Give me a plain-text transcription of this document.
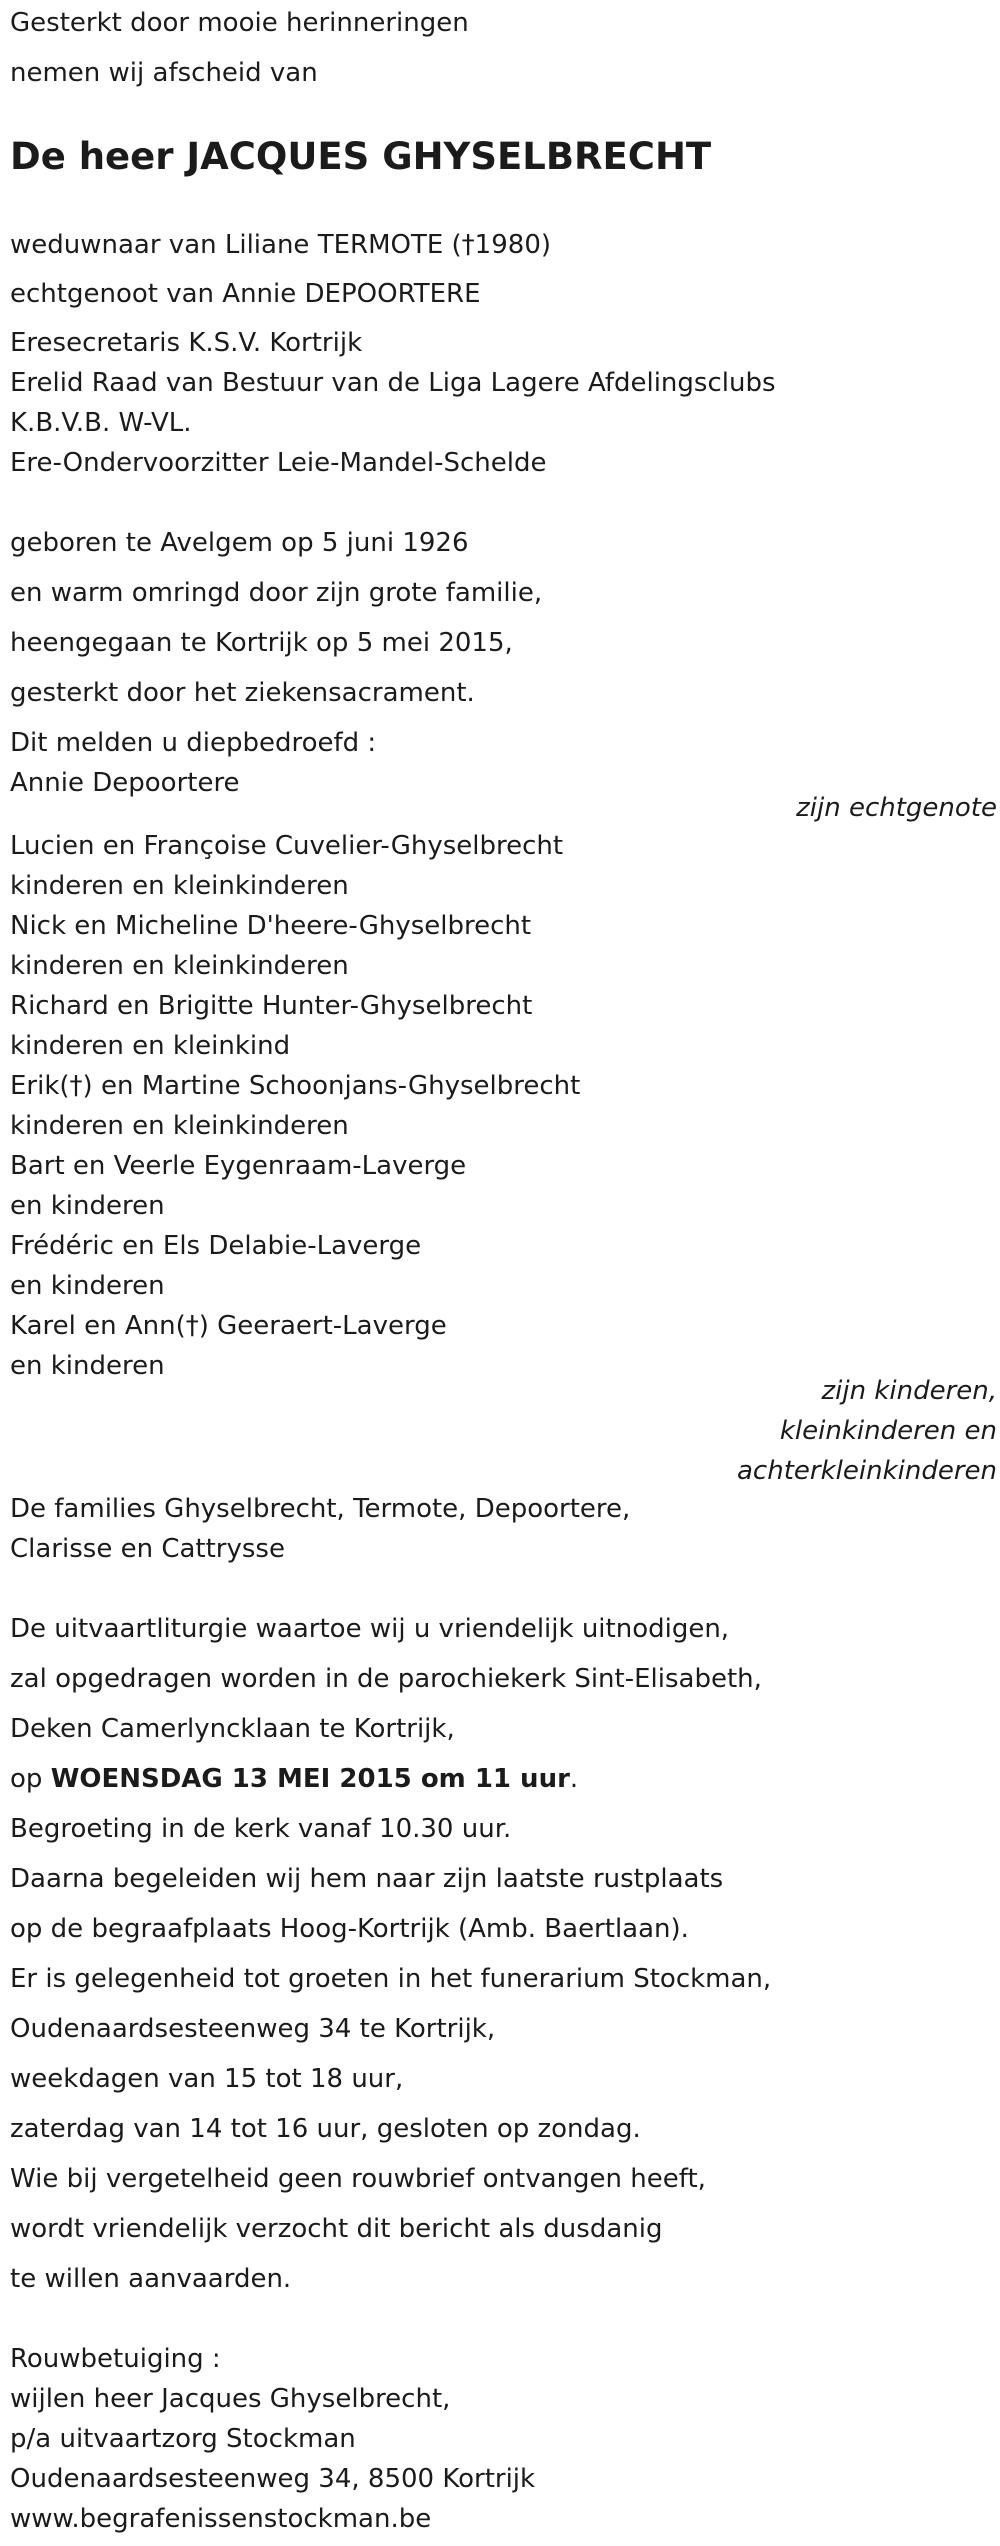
Gesterkt door mooie herinneringen
nemen wij afscheid van
De heer JACQUES GHYSELBRECHT
weduwnaar van Liliane TERMOTE (†1980)
echtgenoot van Annie DEPOORTERE
Eresecretaris K.S.V. Kortrijk
Erelid Raad van Bestuur van de Liga Lagere Afdelingsclubs
K.B.V.B. W-VL.
Ere-Ondervoorzitter Leie-Mandel-Schelde
geboren te Avelgem op 5 juni 1926
en warm omringd door zijn grote familie,
heengegaan te Kortrijk op 5 mei 2015,
gesterkt door het ziekensacrament.
Dit melden u diepbedroefd :
Annie Depoortere
zijn echtgenote
Lucien en Françoise Cuvelier-Ghyselbrecht
kinderen en kleinkinderen
Nick en Micheline D'heere-Ghyselbrecht
kinderen en kleinkinderen
Richard en Brigitte Hunter-Ghyselbrecht
kinderen en kleinkind
Erik(†) en Martine Schoonjans-Ghyselbrecht
kinderen en kleinkinderen
Bart en Veerle Eygenraam-Laverge
en kinderen
Frédéric en Els Delabie-Laverge
en kinderen
Karel en Ann(†) Geeraert-Laverge
en kinderen
zijn kinderen,
kleinkinderen en
achterkleinkinderen
De families Ghyselbrecht, Termote, Depoortere,
Clarisse en Cattrysse
De uitvaartliturgie waartoe wij u vriendelijk uitnodigen,
zal opgedragen worden in de parochiekerk Sint-Elisabeth,
Deken Camerlyncklaan te Kortrijk,
op WOENSDAG 13 MEI 2015 om 11 uur.
Begroeting in de kerk vanaf 10.30 uur.
Daarna begeleiden wij hem naar zijn laatste rustplaats
op de begraafplaats Hoog-Kortrijk (Amb. Baertlaan).
Er is gelegenheid tot groeten in het funerarium Stockman,
Oudenaardsesteenweg 34 te Kortrijk,
weekdagen van 15 tot 18 uur,
zaterdag van 14 tot 16 uur, gesloten op zondag.
Wie bij vergetelheid geen rouwbrief ontvangen heeft,
wordt vriendelijk verzocht dit bericht als dusdanig
te willen aanvaarden.
Rouwbetuiging :
wijlen heer Jacques Ghyselbrecht,
p/a uitvaartzorg Stockman
Oudenaardsesteenweg 34, 8500 Kortrijk
www.begrafenissenstockman.be
